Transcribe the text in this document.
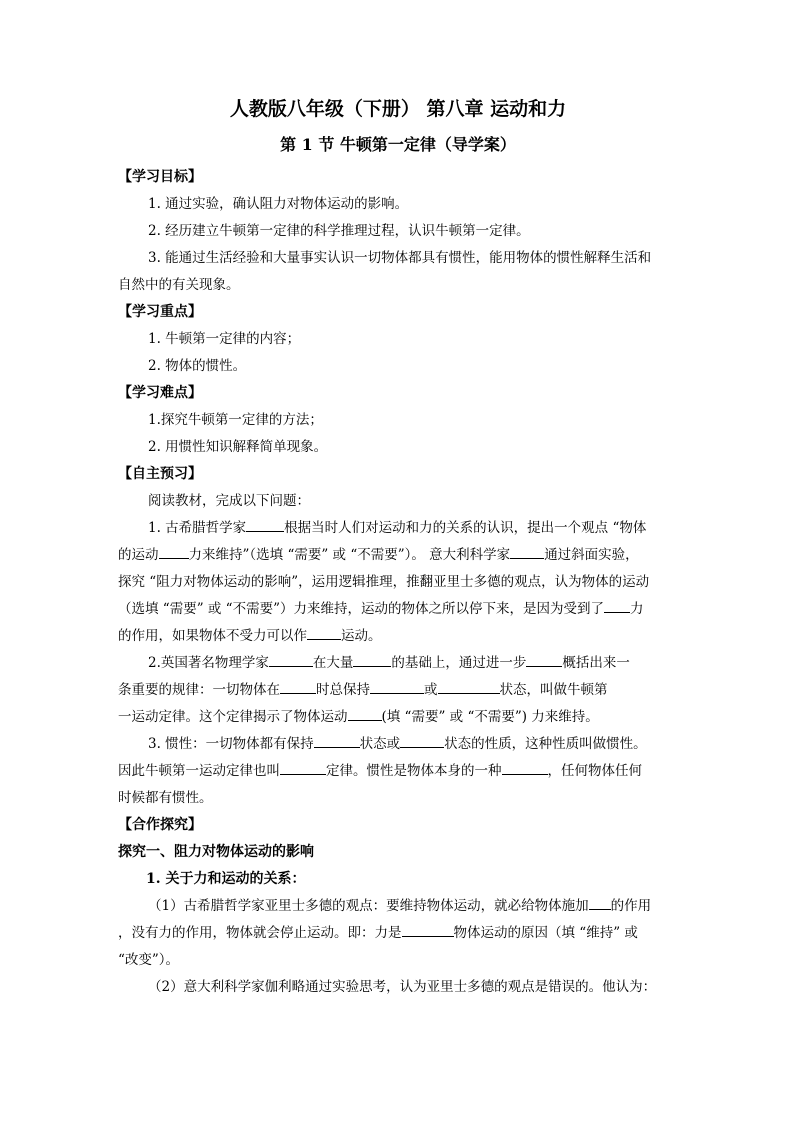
人教版八年级（下册） 第八章 运动和力
第 1 节 牛顿第一定律（导学案）
【学习目标】
1. 通过实验，确认阻力对物体运动的影响。
2. 经历建立牛顿第一定律的科学推理过程，认识牛顿第一定律。
3. 能通过生活经验和大量事实认识一切物体都具有惯性，能用物体的惯性解释生活和
自然中的有关现象。
【学习重点】
1. 牛顿第一定律的内容；
2. 物体的惯性。
【学习难点】
1.探究牛顿第一定律的方法；
2. 用惯性知识解释简单现象。
【自主预习】
阅读教材，完成以下问题：
1. 古希腊哲学家	根据当时人们对运动和力的关系的认识，提出一个观点 “物体
的运动 力来维持”（选填 “需要” 或 “不需要”）。 意大利科学家	通过斜面实验，
探究 “阻力对物体运动的影响”，运用逻辑推理，推翻亚里士多德的观点，认为物体的运动
（选填 “需要” 或 “不需要”）力来维持，运动的物体之所以停下来，是因为受到了 力
的作用，如果物体不受力可以作	运动。
2.英国著名物理学家	在大量	的基础上，通过进一步	概括出来一
条重要的规律：一切物体在	时总保持	或	状态，叫做牛顿第
一运动定律。这个定律揭示了物体运动	(填 “需要” 或 “不需要”) 力来维持。
3. 惯性：一切物体都有保持	状态或	状态的性质，这种性质叫做惯性。
因此牛顿第一运动定律也叫	定律。惯性是物体本身的一种	，任何物体任何
时候都有惯性。
【合作探究】
探究一、阻力对物体运动的影响
1. 关于力和运动的关系：
（1）古希腊哲学家亚里士多德的观点：要维持物体运动，就必给物体施加 的作用
，没有力的作用，物体就会停止运动。即：力是	物体运动的原因（填 “维持” 或
“改变”）。
（2）意大利科学家伽利略通过实验思考，认为亚里士多德的观点是错误的。他认为：
